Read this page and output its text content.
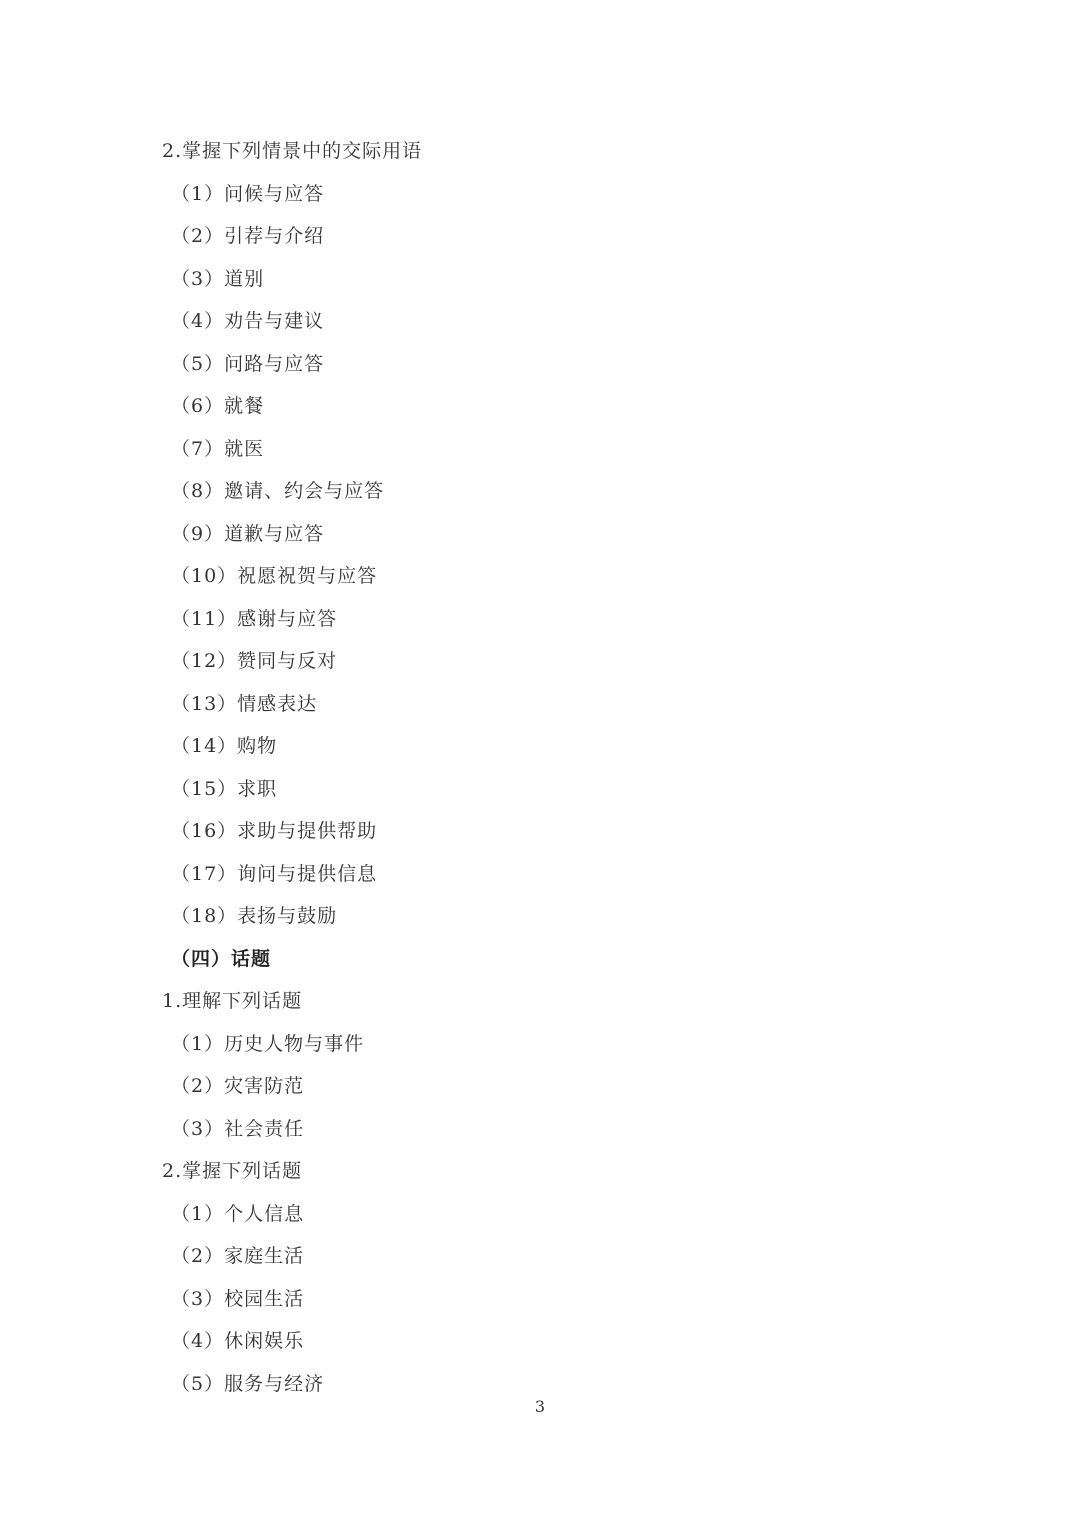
2.掌握下列情景中的交际用语
（1）问候与应答
（2）引荐与介绍
（3）道别
（4）劝告与建议
（5）问路与应答
（6）就餐
（7）就医
（8）邀请、约会与应答
（9）道歉与应答
（10）祝愿祝贺与应答
（11）感谢与应答
（12）赞同与反对
（13）情感表达
（14）购物
（15）求职
（16）求助与提供帮助
（17）询问与提供信息
（18）表扬与鼓励
（四）话题
1.理解下列话题
（1）历史人物与事件
（2）灾害防范
（3）社会责任
2.掌握下列话题
（1）个人信息
（2）家庭生活
（3）校园生活
（4）休闲娱乐
（5）服务与经济
3
